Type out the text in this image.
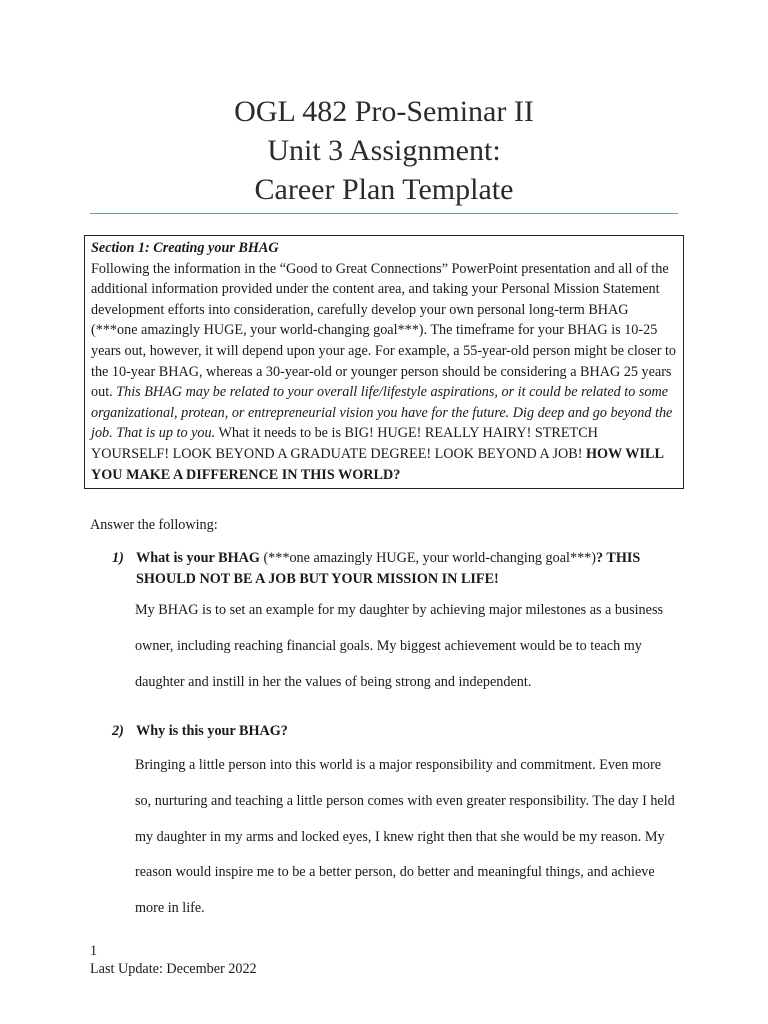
OGL 482 Pro-Seminar II
Unit 3 Assignment:
Career Plan Template
Section 1: Creating your BHAG
Following the information in the “Good to Great Connections” PowerPoint presentation and all of the additional information provided under the content area, and taking your Personal Mission Statement development efforts into consideration, carefully develop your own personal long-term BHAG (***one amazingly HUGE, your world-changing goal***). The timeframe for your BHAG is 10-25 years out, however, it will depend upon your age. For example, a 55-year-old person might be closer to the 10-year BHAG, whereas a 30-year-old or younger person should be considering a BHAG 25 years out. This BHAG may be related to your overall life/lifestyle aspirations, or it could be related to some organizational, protean, or entrepreneurial vision you have for the future. Dig deep and go beyond the job. That is up to you. What it needs to be is BIG! HUGE! REALLY HAIRY! STRETCH YOURSELF! LOOK BEYOND A GRADUATE DEGREE! LOOK BEYOND A JOB! HOW WILL YOU MAKE A DIFFERENCE IN THIS WORLD?
Answer the following:
1) What is your BHAG (***one amazingly HUGE, your world-changing goal***)? THIS SHOULD NOT BE A JOB BUT YOUR MISSION IN LIFE!
My BHAG is to set an example for my daughter by achieving major milestones as a business owner, including reaching financial goals. My biggest achievement would be to teach my daughter and instill in her the values of being strong and independent.
2) Why is this your BHAG?
Bringing a little person into this world is a major responsibility and commitment. Even more so, nurturing and teaching a little person comes with even greater responsibility. The day I held my daughter in my arms and locked eyes, I knew right then that she would be my reason. My reason would inspire me to be a better person, do better and meaningful things, and achieve more in life.
1
Last Update: December 2022
